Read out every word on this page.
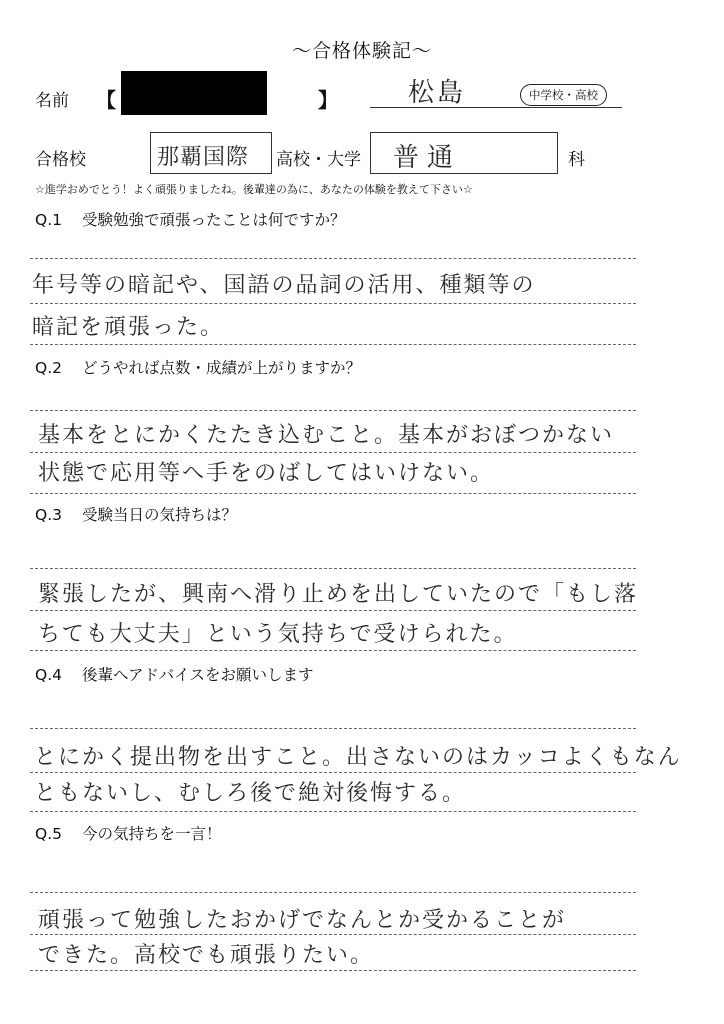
～合格体験記～
名前 【	】	松島	中学校・高校
合格校	那覇国際 高校・大学 普通	科
☆進学おめでとう！よく頑張りましたね。後輩達の為に、あなたの体験を教えて下さい☆
Q.1 受験勉強で頑張ったことは何ですか？
年号等の暗記や、国語の品詞の活用、種類等の
暗記を頑張った。
Q.2 どうやれば点数・成績が上がりますか？
基本をとにかくたたき込むこと。基本がおぼつかない
状態で応用等へ手をのばしてはいけない。
Q.3 受験当日の気持ちは？
緊張したが、興南へ滑り止めを出していたので「もし落
ちても大丈夫」という気持ちで受けられた。
Q.4 後輩へアドバイスをお願いします
とにかく提出物を出すこと。出さないのはカッコよくもなん
ともないし、むしろ後で絶対後悔する。
Q.5 今の気持ちを一言！
頑張って勉強したおかげでなんとか受かることが
できた。高校でも頑張りたい。
